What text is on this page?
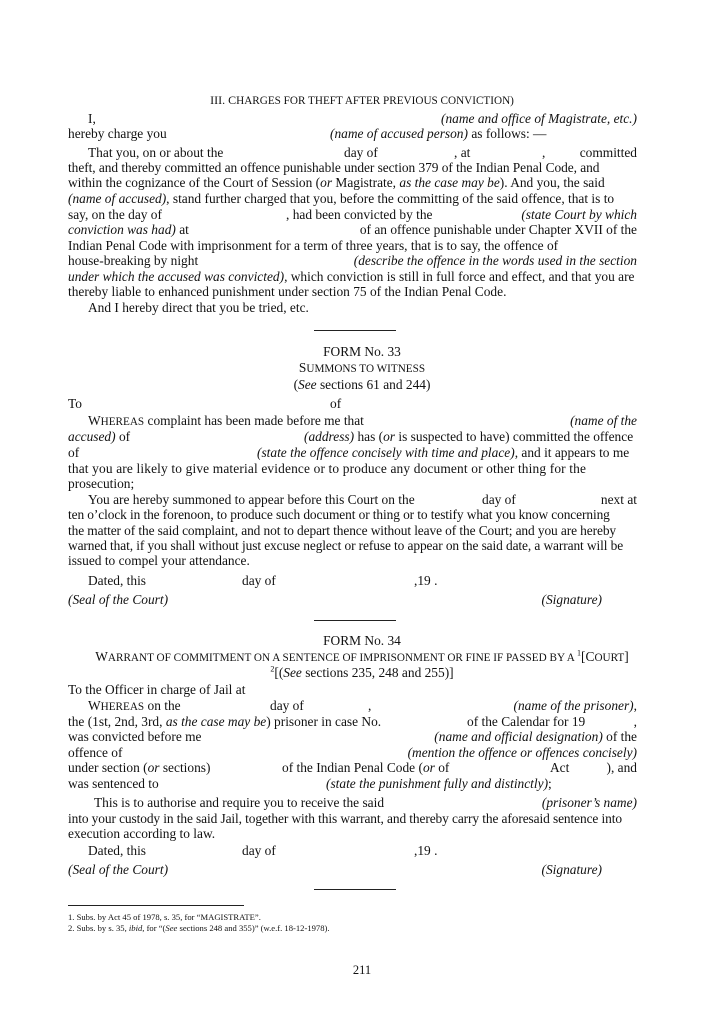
III. CHARGES FOR THEFT AFTER PREVIOUS CONVICTION)
I,	(name and office of Magistrate, etc.)
hereby charge you	(name of accused person) as follows: —
That you, on or about the	day of	, at	,	committed
theft, and thereby committed an offence punishable under section 379 of the Indian Penal Code, and
within the cognizance of the Court of Session (or Magistrate, as the case may be). And you, the said
(name of accused), stand further charged that you, before the committing of the said offence, that is to
say, on the day of	, had been convicted by the	(state Court by which
conviction was had) at	of an offence punishable under Chapter XVII of the
Indian Penal Code with imprisonment for a term of three years, that is to say, the offence of
house-breaking by night	(describe the offence in the words used in the section
under which the accused was convicted), which conviction is still in full force and effect, and that you are
thereby liable to enhanced punishment under section 75 of the Indian Penal Code.
And I hereby direct that you be tried, etc.
FORM No. 33
SUMMONS TO WITNESS
(See sections 61 and 244)
To	of
WHEREAS complaint has been made before me that	(name of the
accused) of	(address) has (or is suspected to have) committed the offence
of	(state the offence concisely with time and place), and it appears to me
that you are likely to give material evidence or to produce any document or other thing for the
prosecution;
You are hereby summoned to appear before this Court on the	day of	next at
ten o’clock in the forenoon, to produce such document or thing or to testify what you know concerning
the matter of the said complaint, and not to depart thence without leave of the Court; and you are hereby
warned that, if you shall without just excuse neglect or refuse to appear on the said date, a warrant will be
issued to compel your attendance.
Dated, this	day of	,19 .
(Seal of the Court)	(Signature)
FORM No. 34
WARRANT OF COMMITMENT ON A SENTENCE OF IMPRISONMENT OR FINE IF PASSED BY A $^1$[COURT]
$^2$[(See sections 235, 248 and 255)]
To the Officer in charge of Jail at
WHEREAS on the	day of	,	(name of the prisoner),
the (1st, 2nd, 3rd, as the case may be) prisoner in case No.	of the Calendar for 19	,
was convicted before me	(name and official designation) of the
offence of	(mention the offence or offences concisely)
under section (or sections)	of the Indian Penal Code (or of	Act	), and
was sentenced to	(state the punishment fully and distinctly);
This is to authorise and require you to receive the said	(prisoner’s name)
into your custody in the said Jail, together with this warrant, and thereby carry the aforesaid sentence into
execution according to law.
Dated, this	day of	,19 .
(Seal of the Court)	(Signature)
1. Subs. by Act 45 of 1978, s. 35, for “MAGISTRATE”.
2. Subs. by s. 35, ibid, for “(See sections 248 and 355)” (w.e.f. 18-12-1978).
211
